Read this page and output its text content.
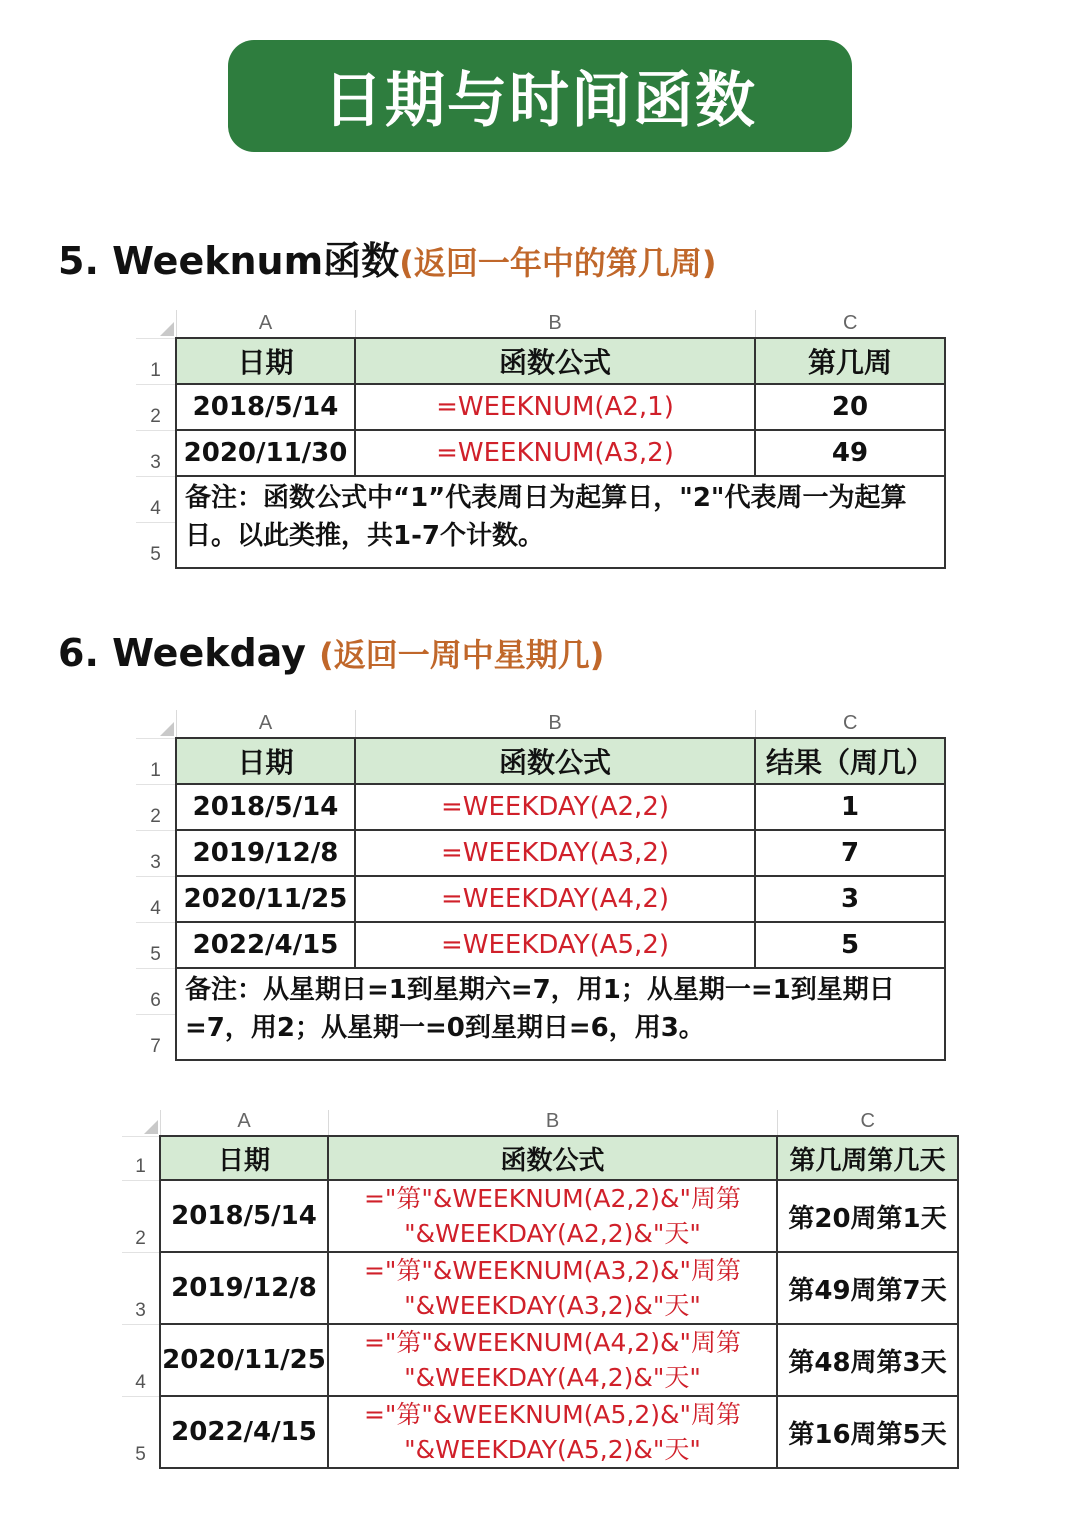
日期与时间函数
5. Weeknum函数(返回一年中的第几周)
	A	B	C
1	日期	函数公式	第几周
2	2018/5/14	=WEEKNUM(A2,1)	20
3	2020/11/30	=WEEKNUM(A3,2)	49
4	备注：函数公式中“1”代表周日为起算日，"2"代表周一为起算日。以此类推，共1-7个计数。		
5			
6. Weekday (返回一周中星期几)
	A	B	C
1	日期	函数公式	结果（周几）
2	2018/5/14	=WEEKDAY(A2,2)	1
3	2019/12/8	=WEEKDAY(A3,2)	7
4	2020/11/25	=WEEKDAY(A4,2)	3
5	2022/4/15	=WEEKDAY(A5,2)	5
6	备注：从星期日=1到星期六=7，用1；从星期一=1到星期日=7，用2；从星期一=0到星期日=6，用3。		
7			
	A	B	C
1	日期	函数公式	第几周第几天
2	2018/5/14	="第"&WEEKNUM(A2,2)&"周第
"&WEEKDAY(A2,2)&"天"	第20周第1天
3	2019/12/8	="第"&WEEKNUM(A3,2)&"周第
"&WEEKDAY(A3,2)&"天"	第49周第7天
4	2020/11/25	="第"&WEEKNUM(A4,2)&"周第
"&WEEKDAY(A4,2)&"天"	第48周第3天
5	2022/4/15	="第"&WEEKNUM(A5,2)&"周第
"&WEEKDAY(A5,2)&"天"	第16周第5天
